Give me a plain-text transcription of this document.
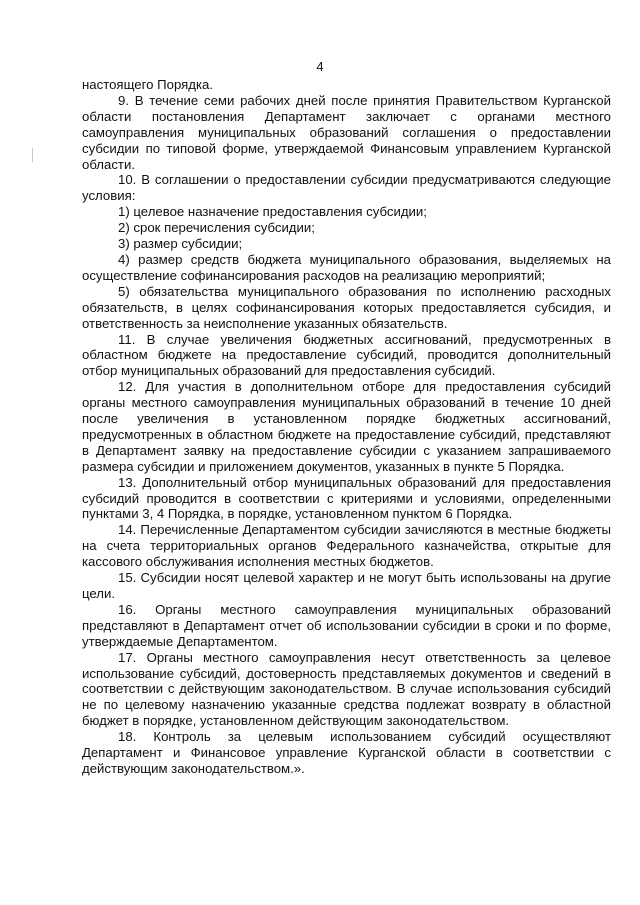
4

настоящего Порядка.

9. В течение семи рабочих дней после принятия Правительством Курганской области постановления Департамент заключает с органами местного самоуправления муниципальных образований соглашения о предоставлении субсидии по типовой форме, утверждаемой Финансовым управлением Курганской области.

10. В соглашении о предоставлении субсидии предусматриваются следующие условия:

1) целевое назначение предоставления субсидии;

2) срок перечисления субсидии;

3) размер субсидии;

4) размер средств бюджета муниципального образования, выделяемых на осуществление софинансирования расходов на реализацию мероприятий;

5) обязательства муниципального образования по исполнению расходных обязательств, в целях софинансирования которых предоставляется субсидия, и ответственность за неисполнение указанных обязательств.

11. В случае увеличения бюджетных ассигнований, предусмотренных в областном бюджете на предоставление субсидий, проводится дополнительный отбор муниципальных образований для предоставления субсидий.

12. Для участия в дополнительном отборе для предоставления субсидий органы местного самоуправления муниципальных образований в течение 10 дней после увеличения в установленном порядке бюджетных ассигнований, предусмотренных в областном бюджете на предоставление субсидий, представляют в Департамент заявку на предоставление субсидии с указанием запрашиваемого размера субсидии и приложением документов, указанных в пункте 5 Порядка.

13. Дополнительный отбор муниципальных образований для предоставления субсидий проводится в соответствии с критериями и условиями, определенными пунктами 3, 4 Порядка, в порядке, установленном пунктом 6 Порядка.

14. Перечисленные Департаментом субсидии зачисляются в местные бюджеты на счета территориальных органов Федерального казначейства, открытые для кассового обслуживания исполнения местных бюджетов.

15. Субсидии носят целевой характер и не могут быть использованы на другие цели.

16. Органы местного самоуправления муниципальных образований представляют в Департамент отчет об использовании субсидии в сроки и по форме, утверждаемые Департаментом.

17. Органы местного самоуправления несут ответственность за целевое использование субсидий, достоверность представляемых документов и сведений в соответствии с действующим законодательством. В случае использования субсидий не по целевому назначению указанные средства подлежат возврату в областной бюджет в порядке, установленном действующим законодательством.

18. Контроль за целевым использованием субсидий осуществляют Департамент и Финансовое управление Курганской области в соответствии с действующим законодательством.».
